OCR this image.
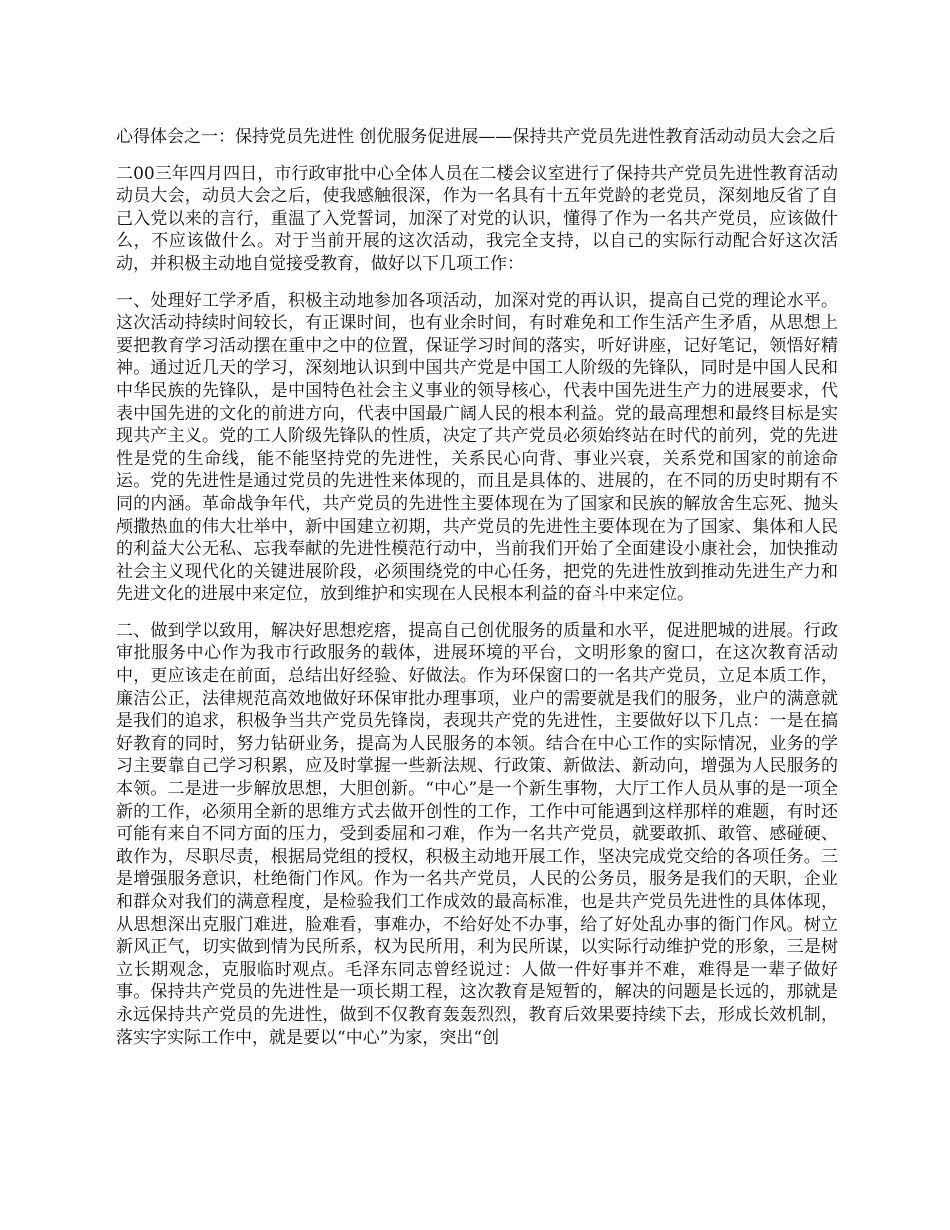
心得体会之一：保持党员先进性 创优服务促进展——保持共产党员先进性教育活动动员大会之后

二00三年四月四日，市行政审批中心全体人员在二楼会议室进行了保持共产党员先进性教育活动动员大会，动员大会之后，使我感触很深，作为一名具有十五年党龄的老党员，深刻地反省了自己入党以来的言行，重温了入党誓词，加深了对党的认识，懂得了作为一名共产党员，应该做什么，不应该做什么。对于当前开展的这次活动，我完全支持，以自己的实际行动配合好这次活动，并积极主动地自觉接受教育，做好以下几项工作：

一、处理好工学矛盾，积极主动地参加各项活动，加深对党的再认识，提高自己党的理论水平。这次活动持续时间较长，有正课时间，也有业余时间，有时难免和工作生活产生矛盾，从思想上要把教育学习活动摆在重中之中的位置，保证学习时间的落实，听好讲座，记好笔记，领悟好精神。通过近几天的学习，深刻地认识到中国共产党是中国工人阶级的先锋队，同时是中国人民和中华民族的先锋队，是中国特色社会主义事业的领导核心，代表中国先进生产力的进展要求，代表中国先进的文化的前进方向，代表中国最广阔人民的根本利益。党的最高理想和最终目标是实现共产主义。党的工人阶级先锋队的性质，决定了共产党员必须始终站在时代的前列，党的先进性是党的生命线，能不能坚持党的先进性，关系民心向背、事业兴衰，关系党和国家的前途命运。党的先进性是通过党员的先进性来体现的，而且是具体的、进展的，在不同的历史时期有不同的内涵。革命战争年代，共产党员的先进性主要体现在为了国家和民族的解放舍生忘死、抛头颅撒热血的伟大壮举中，新中国建立初期，共产党员的先进性主要体现在为了国家、集体和人民的利益大公无私、忘我奉献的先进性模范行动中，当前我们开始了全面建设小康社会，加快推动社会主义现代化的关键进展阶段，必须围绕党的中心任务，把党的先进性放到推动先进生产力和先进文化的进展中来定位，放到维护和实现在人民根本利益的奋斗中来定位。

二、做到学以致用，解决好思想疙瘩，提高自己创优服务的质量和水平，促进肥城的进展。行政审批服务中心作为我市行政服务的载体，进展环境的平台，文明形象的窗口，在这次教育活动中，更应该走在前面，总结出好经验、好做法。作为环保窗口的一名共产党员，立足本质工作，廉洁公正，法律规范高效地做好环保审批办理事项，业户的需要就是我们的服务，业户的满意就是我们的追求，积极争当共产党员先锋岗，表现共产党的先进性，主要做好以下几点：一是在搞好教育的同时，努力钻研业务，提高为人民服务的本领。结合在中心工作的实际情况，业务的学习主要靠自己学习积累，应及时掌握一些新法规、行政策、新做法、新动向，增强为人民服务的本领。二是进一步解放思想，大胆创新。“中心”是一个新生事物，大厅工作人员从事的是一项全新的工作，必须用全新的思维方式去做开创性的工作，工作中可能遇到这样那样的难题，有时还可能有来自不同方面的压力，受到委屈和刁难，作为一名共产党员，就要敢抓、敢管、感碰硬、敢作为，尽职尽责，根据局党组的授权，积极主动地开展工作，坚决完成党交给的各项任务。三是增强服务意识，杜绝衙门作风。作为一名共产党员，人民的公务员，服务是我们的天职，企业和群众对我们的满意程度，是检验我们工作成效的最高标准，也是共产党员先进性的具体体现，从思想深出克服门难进，脸难看，事难办，不给好处不办事，给了好处乱办事的衙门作风。树立新风正气，切实做到情为民所系，权为民所用，利为民所谋，以实际行动维护党的形象，三是树立长期观念，克服临时观点。毛泽东同志曾经说过：人做一件好事并不难，难得是一辈子做好事。保持共产党员的先进性是一项长期工程，这次教育是短暂的，解决的问题是长远的，那就是永远保持共产党员的先进性，做到不仅教育轰轰烈烈，教育后效果要持续下去，形成长效机制，落实字实际工作中，就是要以“中心”为家，突出“创
